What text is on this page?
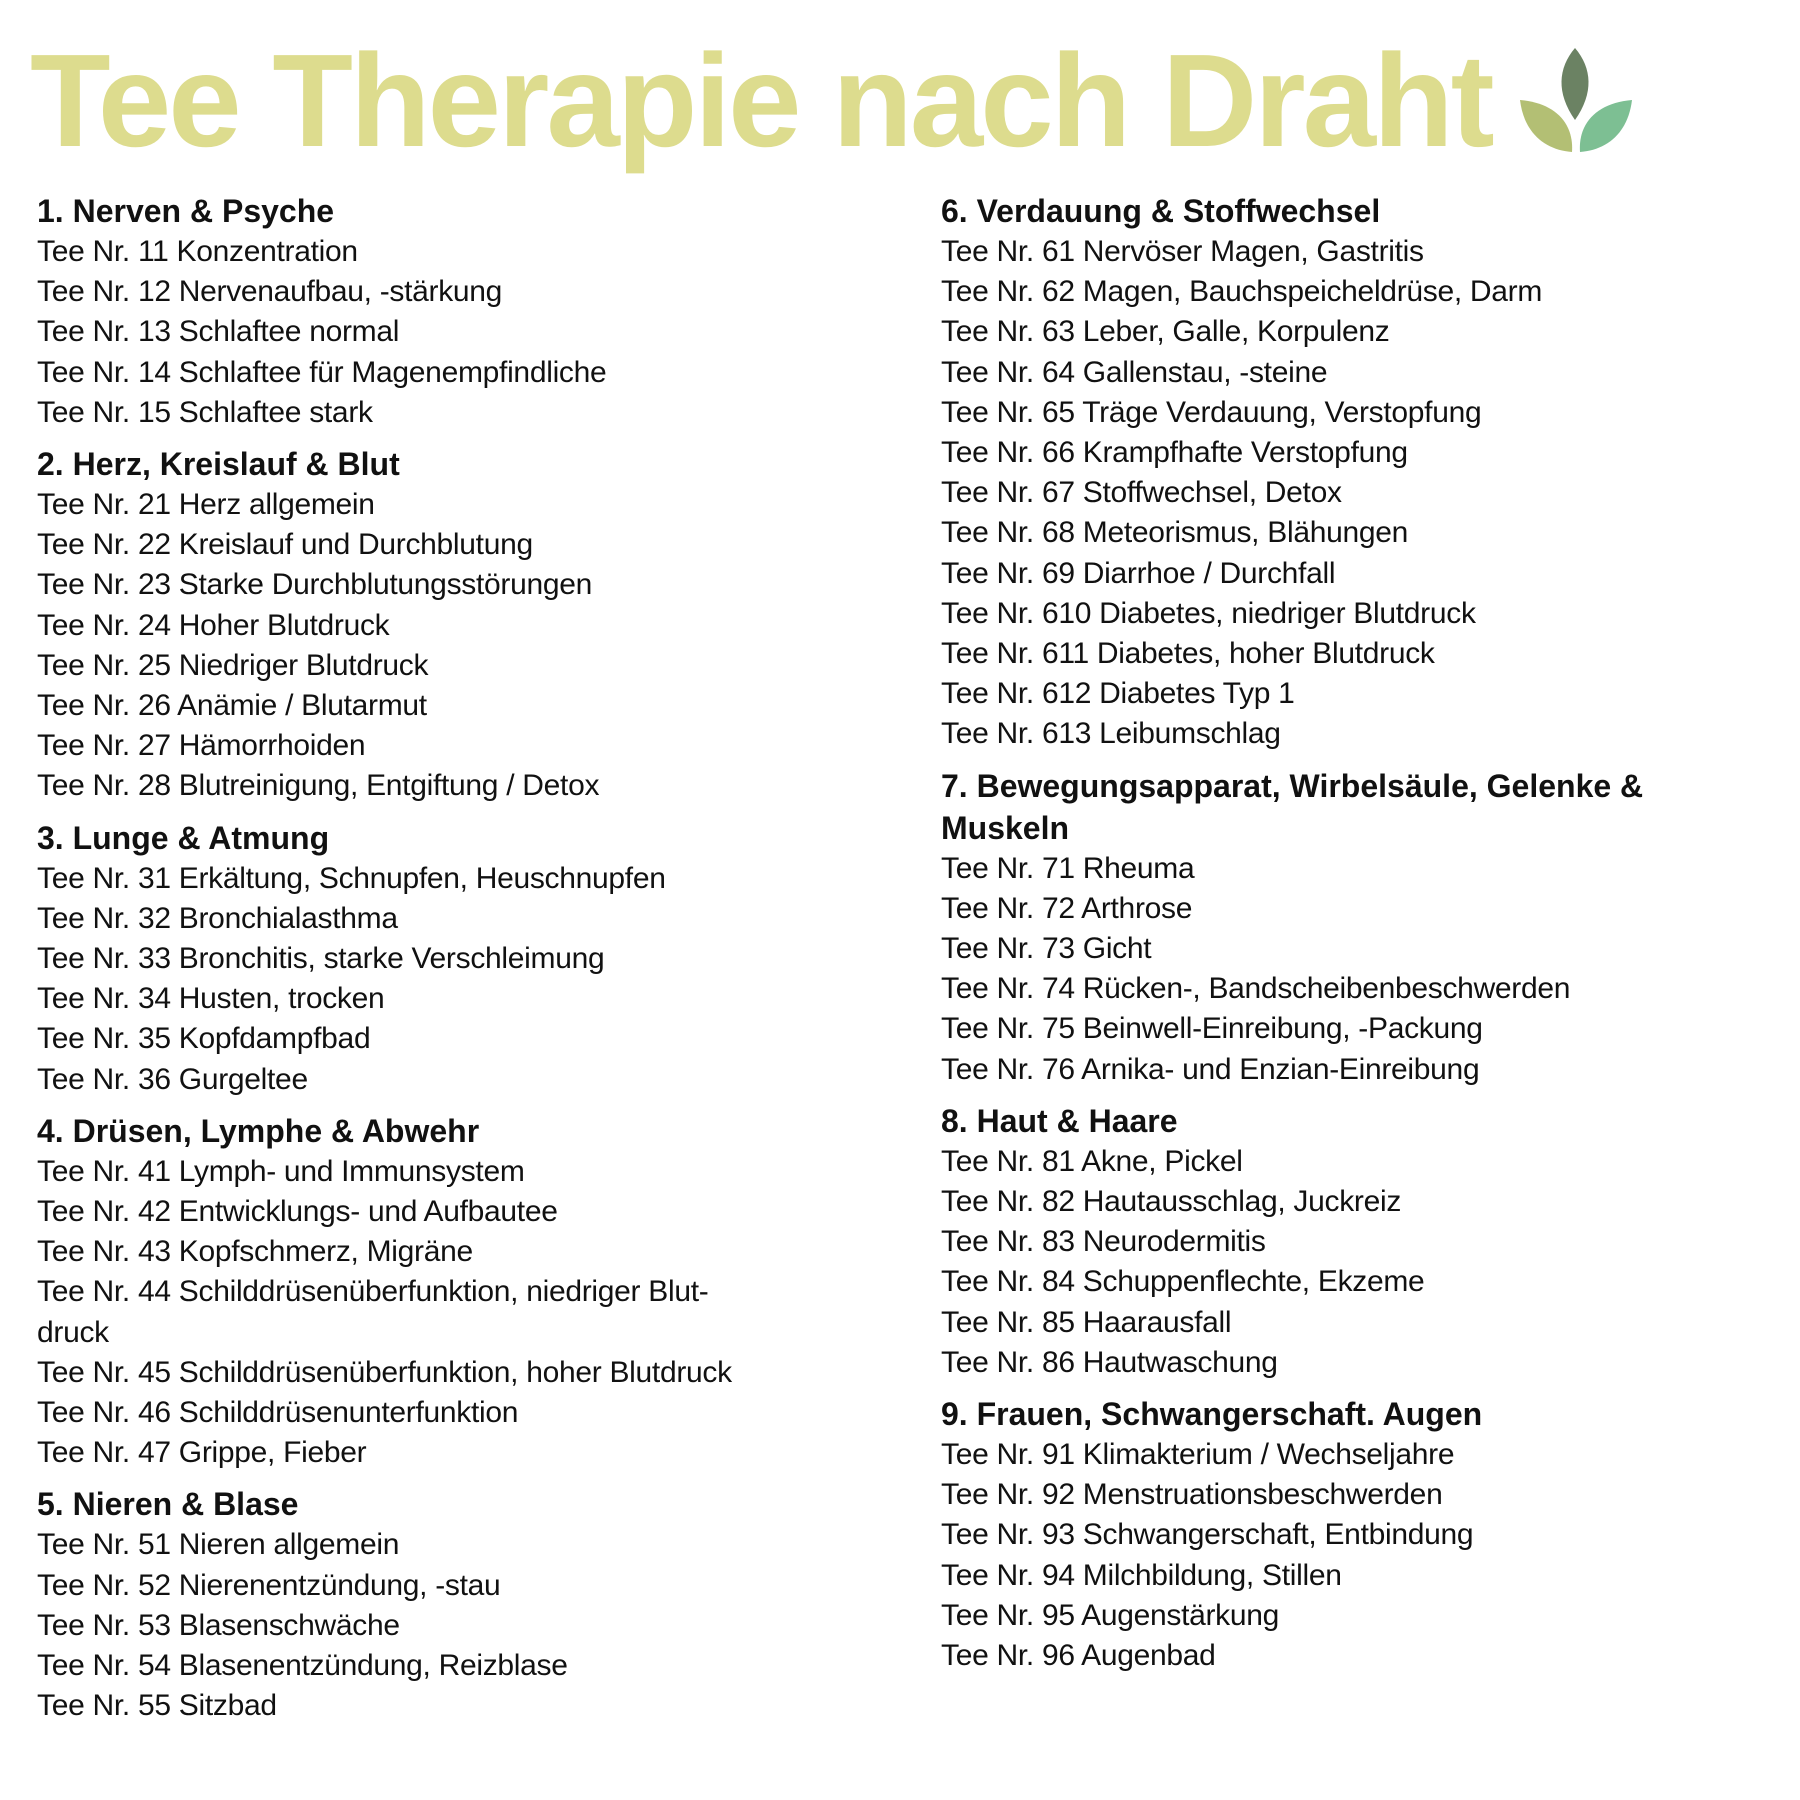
Tee Therapie nach Draht
1. Nerven & Psyche
Tee Nr. 11 Konzentration
Tee Nr. 12 Nervenaufbau, -stärkung
Tee Nr. 13 Schlaftee normal
Tee Nr. 14 Schlaftee für Magenempfindliche
Tee Nr. 15 Schlaftee stark
2. Herz, Kreislauf & Blut
Tee Nr. 21 Herz allgemein
Tee Nr. 22 Kreislauf und Durchblutung
Tee Nr. 23 Starke Durchblutungsstörungen
Tee Nr. 24 Hoher Blutdruck
Tee Nr. 25 Niedriger Blutdruck
Tee Nr. 26 Anämie / Blutarmut
Tee Nr. 27 Hämorrhoiden
Tee Nr. 28 Blutreinigung, Entgiftung / Detox
3. Lunge & Atmung
Tee Nr. 31 Erkältung, Schnupfen, Heuschnupfen
Tee Nr. 32 Bronchialasthma
Tee Nr. 33 Bronchitis, starke Verschleimung
Tee Nr. 34 Husten, trocken
Tee Nr. 35 Kopfdampfbad
Tee Nr. 36 Gurgeltee
4. Drüsen, Lymphe & Abwehr
Tee Nr. 41 Lymph- und Immunsystem
Tee Nr. 42 Entwicklungs- und Aufbautee
Tee Nr. 43 Kopfschmerz, Migräne
Tee Nr. 44 Schilddrüsenüberfunktion, niedriger Blut-
druck
Tee Nr. 45 Schilddrüsenüberfunktion, hoher Blutdruck
Tee Nr. 46 Schilddrüsenunterfunktion
Tee Nr. 47 Grippe, Fieber
5. Nieren & Blase
Tee Nr. 51 Nieren allgemein
Tee Nr. 52 Nierenentzündung, -stau
Tee Nr. 53 Blasenschwäche
Tee Nr. 54 Blasenentzündung, Reizblase
Tee Nr. 55 Sitzbad
6. Verdauung & Stoffwechsel
Tee Nr. 61 Nervöser Magen, Gastritis
Tee Nr. 62 Magen, Bauchspeicheldrüse, Darm
Tee Nr. 63 Leber, Galle, Korpulenz
Tee Nr. 64 Gallenstau, -steine
Tee Nr. 65 Träge Verdauung, Verstopfung
Tee Nr. 66 Krampfhafte Verstopfung
Tee Nr. 67 Stoffwechsel, Detox
Tee Nr. 68 Meteorismus, Blähungen
Tee Nr. 69 Diarrhoe / Durchfall
Tee Nr. 610 Diabetes, niedriger Blutdruck
Tee Nr. 611 Diabetes, hoher Blutdruck
Tee Nr. 612 Diabetes Typ 1
Tee Nr. 613 Leibumschlag
7. Bewegungsapparat, Wirbelsäule, Gelenke &
Muskeln
Tee Nr. 71 Rheuma
Tee Nr. 72 Arthrose
Tee Nr. 73 Gicht
Tee Nr. 74 Rücken-, Bandscheibenbeschwerden
Tee Nr. 75 Beinwell-Einreibung, -Packung
Tee Nr. 76 Arnika- und Enzian-Einreibung
8. Haut & Haare
Tee Nr. 81 Akne, Pickel
Tee Nr. 82 Hautausschlag, Juckreiz
Tee Nr. 83 Neurodermitis
Tee Nr. 84 Schuppenflechte, Ekzeme
Tee Nr. 85 Haarausfall
Tee Nr. 86 Hautwaschung
9. Frauen, Schwangerschaft. Augen
Tee Nr. 91 Klimakterium / Wechseljahre
Tee Nr. 92 Menstruationsbeschwerden
Tee Nr. 93 Schwangerschaft, Entbindung
Tee Nr. 94 Milchbildung, Stillen
Tee Nr. 95 Augenstärkung
Tee Nr. 96 Augenbad
